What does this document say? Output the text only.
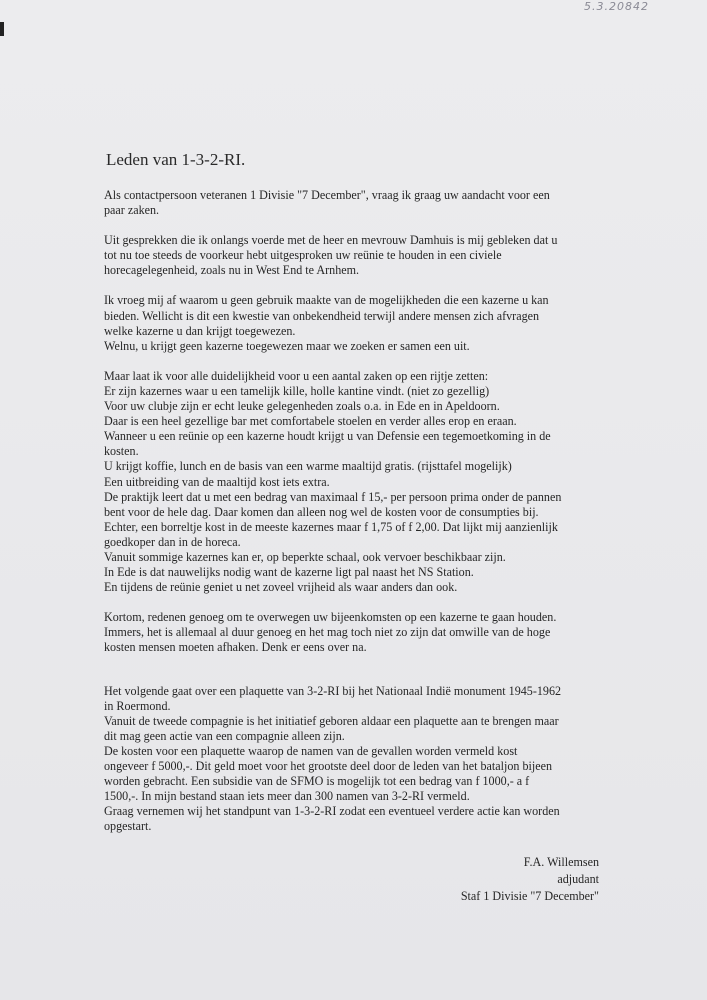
5.3.20842
Leden van 1-3-2-RI.

Als contactpersoon veteranen 1 Divisie "7 December", vraag ik graag uw aandacht voor een
paar zaken.

Uit gesprekken die ik onlangs voerde met de heer en mevrouw Damhuis is mij gebleken dat u
tot nu toe steeds de voorkeur hebt uitgesproken uw reünie te houden in een civiele
horecagelegenheid, zoals nu in West End te Arnhem.

Ik vroeg mij af waarom u geen gebruik maakte van de mogelijkheden die een kazerne u kan
bieden. Wellicht is dit een kwestie van onbekendheid terwijl andere mensen zich afvragen
welke kazerne u dan krijgt toegewezen.
Welnu, u krijgt geen kazerne toegewezen maar we zoeken er samen een uit.

Maar laat ik voor alle duidelijkheid voor u een aantal zaken op een rijtje zetten:
Er zijn kazernes waar u een tamelijk kille, holle kantine vindt. (niet zo gezellig)
Voor uw clubje zijn er echt leuke gelegenheden zoals o.a. in Ede en in Apeldoorn.
Daar is een heel gezellige bar met comfortabele stoelen en verder alles erop en eraan.
Wanneer u een reünie op een kazerne houdt krijgt u van Defensie een tegemoetkoming in de
kosten.
U krijgt koffie, lunch en de basis van een warme maaltijd gratis. (rijsttafel mogelijk)
Een uitbreiding van de maaltijd kost iets extra.
De praktijk leert dat u met een bedrag van maximaal f 15,- per persoon prima onder de pannen
bent voor de hele dag. Daar komen dan alleen nog wel de kosten voor de consumpties bij.
Echter, een borreltje kost in de meeste kazernes maar f 1,75 of f 2,00. Dat lijkt mij aanzienlijk
goedkoper dan in de horeca.
Vanuit sommige kazernes kan er, op beperkte schaal, ook vervoer beschikbaar zijn.
In Ede is dat nauwelijks nodig want de kazerne ligt pal naast het NS Station.
En tijdens de reünie geniet u net zoveel vrijheid als waar anders dan ook.

Kortom, redenen genoeg om te overwegen uw bijeenkomsten op een kazerne te gaan houden.
Immers, het is allemaal al duur genoeg en het mag toch niet zo zijn dat omwille van de hoge
kosten mensen moeten afhaken. Denk er eens over na.

Het volgende gaat over een plaquette van 3-2-RI bij het Nationaal Indië monument 1945-1962
in Roermond.
Vanuit de tweede compagnie is het initiatief geboren aldaar een plaquette aan te brengen maar
dit mag geen actie van een compagnie alleen zijn.
De kosten voor een plaquette waarop de namen van de gevallen worden vermeld kost
ongeveer f 5000,-. Dit geld moet voor het grootste deel door de leden van het bataljon bijeen
worden gebracht. Een subsidie van de SFMO is mogelijk tot een bedrag van f 1000,- a f
1500,-. In mijn bestand staan iets meer dan 300 namen van 3-2-RI vermeld.
Graag vernemen wij het standpunt van 1-3-2-RI zodat een eventueel verdere actie kan worden
opgestart.

F.A. Willemsen
adjudant
Staf 1 Divisie "7 December"
